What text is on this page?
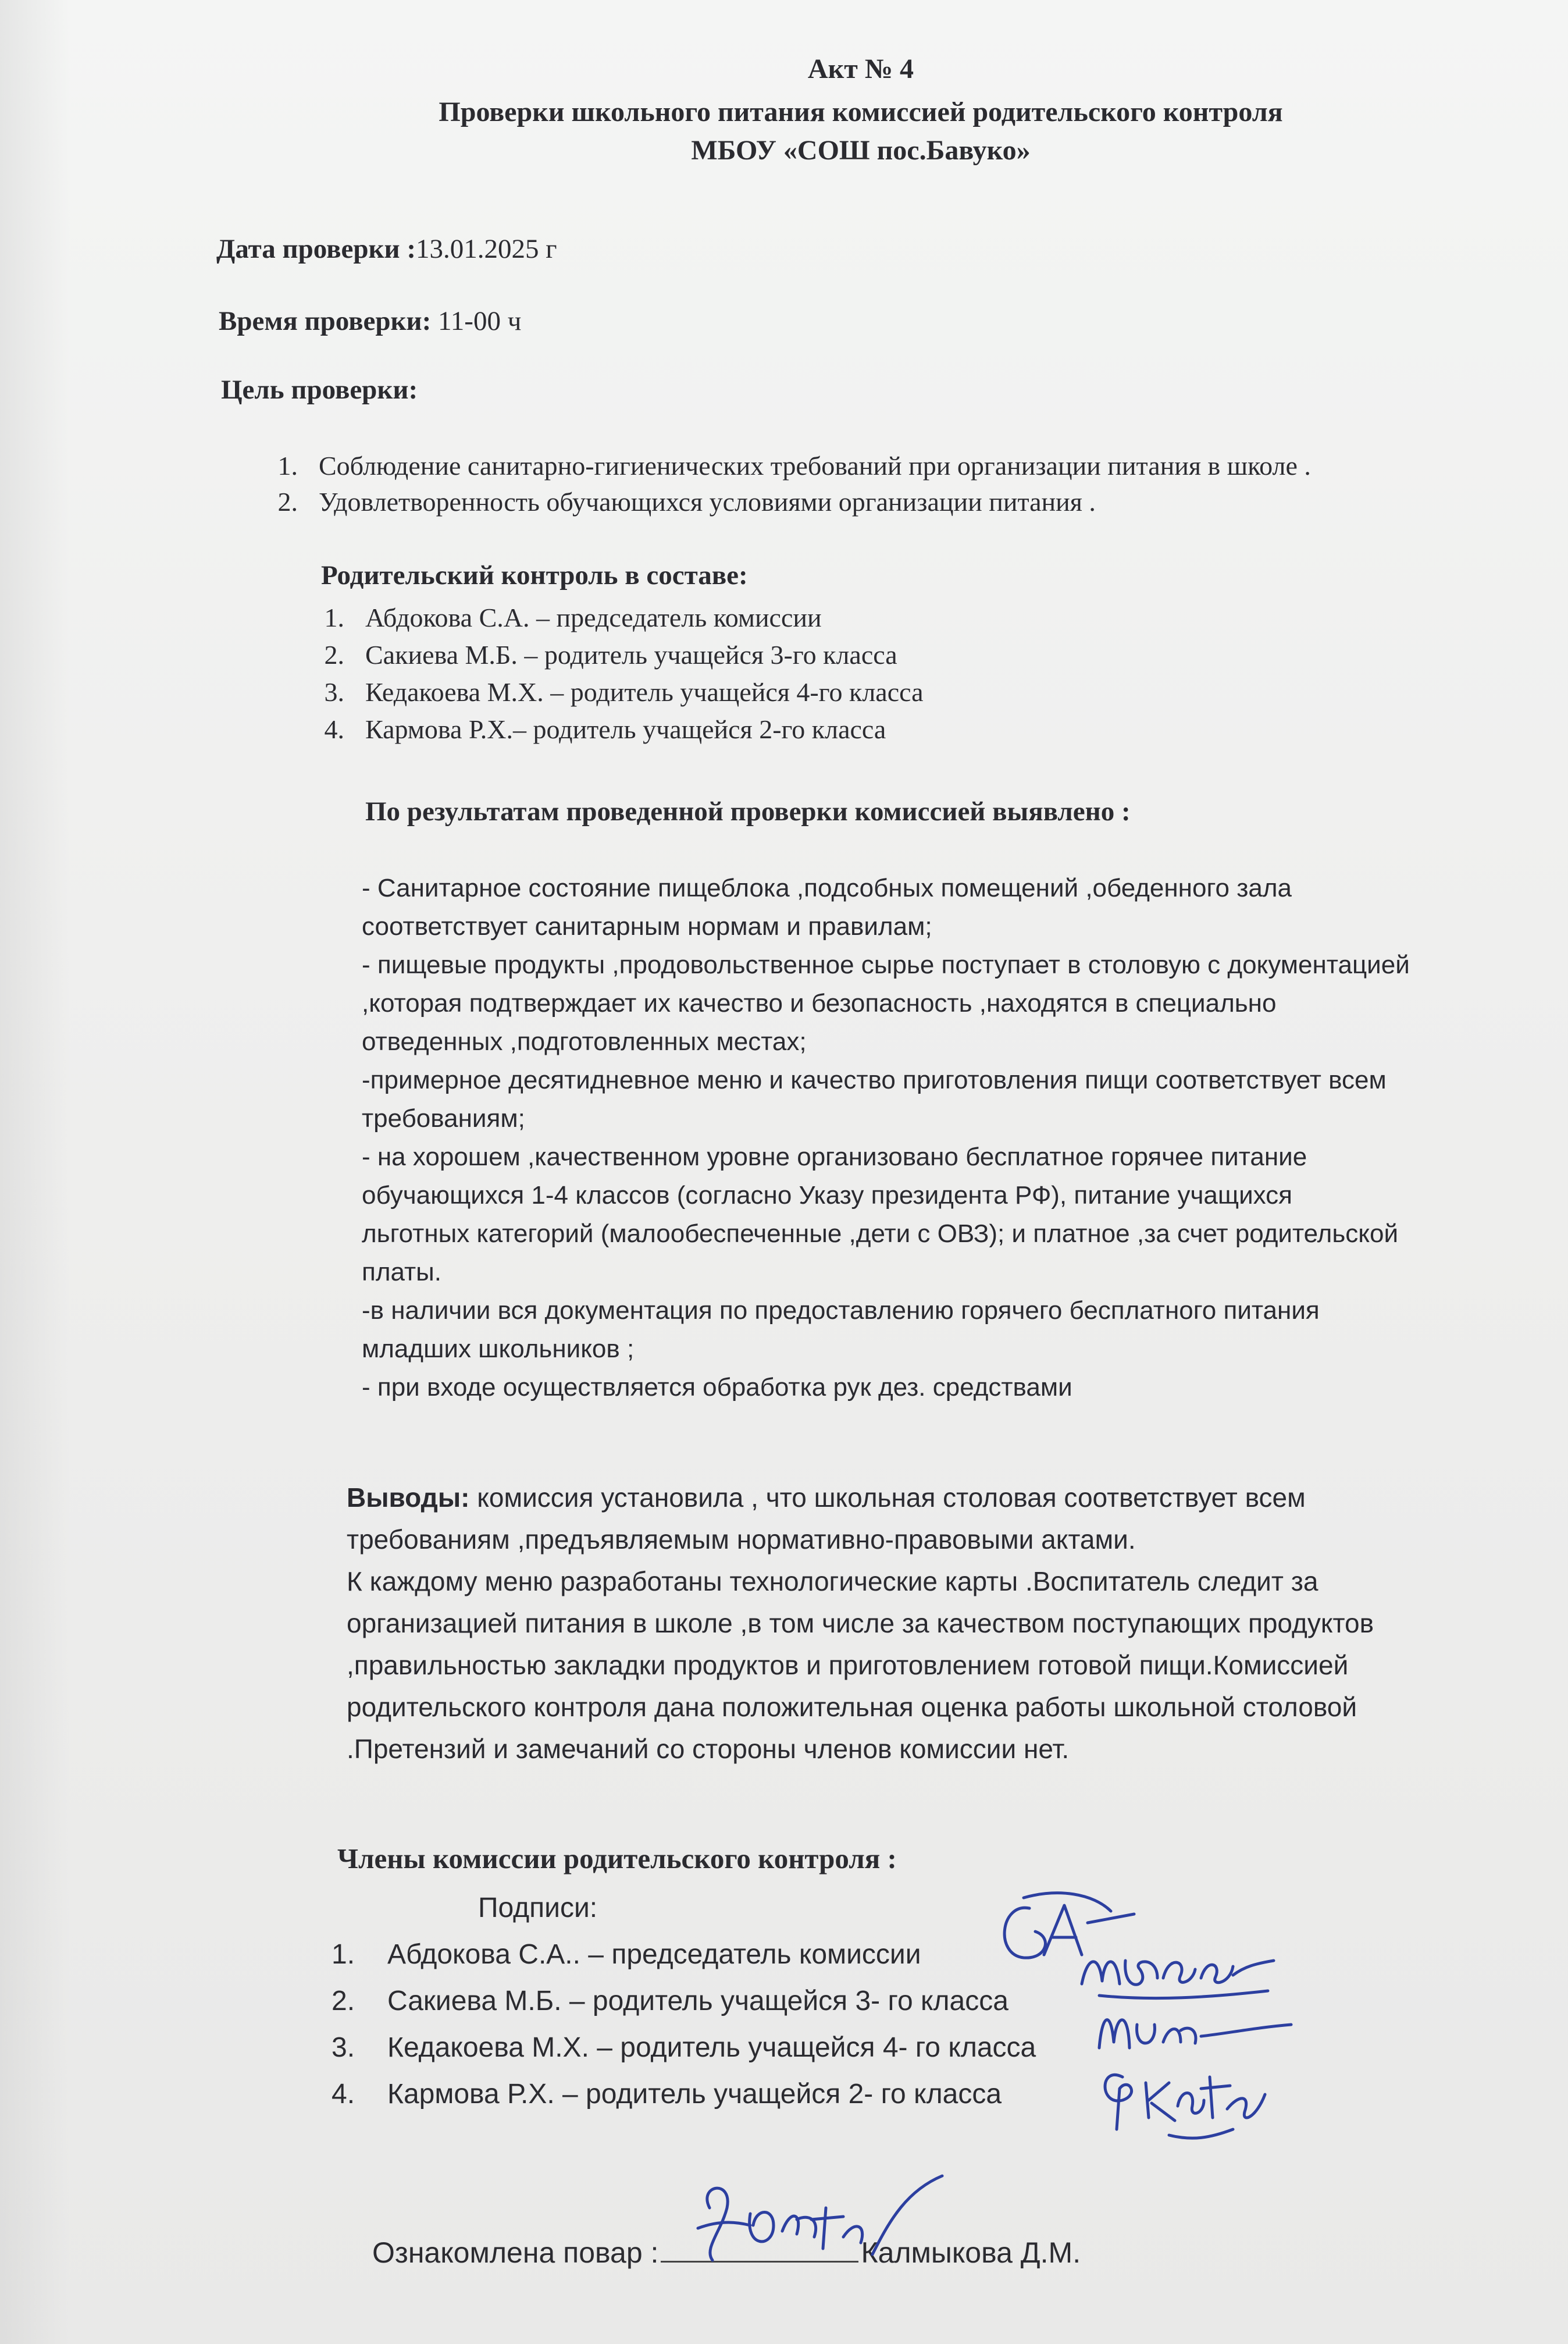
Акт № 4
Проверки школьного питания комиссией родительского контроля
МБОУ «СОШ пос.Бавуко»
Дата проверки :13.01.2025 г
Время проверки: 11-00 ч
Цель проверки:
1. Соблюдение санитарно-гигиенических требований при организации питания в школе .
2. Удовлетворенность обучающихся условиями организации питания .
Родительский контроль в составе:
1. Абдокова С.А. – председатель комиссии
2. Сакиева М.Б. – родитель учащейся 3-го класса
3. Кедакоева М.Х. – родитель учащейся 4-го класса
4. Кармова Р.Х.– родитель учащейся 2-го класса
По результатам проведенной проверки комиссией выявлено :
- Санитарное состояние пищеблока ,подсобных помещений ,обеденного зала
соответствует санитарным нормам и правилам;
- пищевые продукты ,продовольственное сырье поступает в столовую с документацией
,которая подтверждает их качество и безопасность ,находятся в специально
отведенных ,подготовленных местах;
-примерное десятидневное меню и качество приготовления пищи соответствует всем
требованиям;
- на хорошем ,качественном уровне организовано бесплатное горячее питание
обучающихся 1-4 классов (согласно Указу президента РФ), питание учащихся
льготных категорий (малообеспеченные ,дети с ОВЗ); и платное ,за счет родительской
платы.
-в наличии вся документация по предоставлению горячего бесплатного питания
младших школьников ;
- при входе осуществляется обработка рук дез. средствами
Выводы: комиссия установила , что школьная столовая соответствует всем
требованиям ,предъявляемым нормативно-правовыми актами.
К каждому меню разработаны технологические карты .Воспитатель следит за
организацией питания в школе ,в том числе за качеством поступающих продуктов
,правильностью закладки продуктов и приготовлением готовой пищи.Комиссией
родительского контроля дана положительная оценка работы школьной столовой
.Претензий и замечаний со стороны членов комиссии нет.
Члены комиссии родительского контроля :
Подписи:
1.	Абдокова С.А.. – председатель комиссии
2.	Сакиева М.Б. – родитель учащейся 3- го класса
3.	Кедакоева М.Х. – родитель учащейся 4- го класса
4.	Кармова Р.Х. – родитель учащейся 2- го класса
Ознакомлена повар :	Калмыкова Д.М.
